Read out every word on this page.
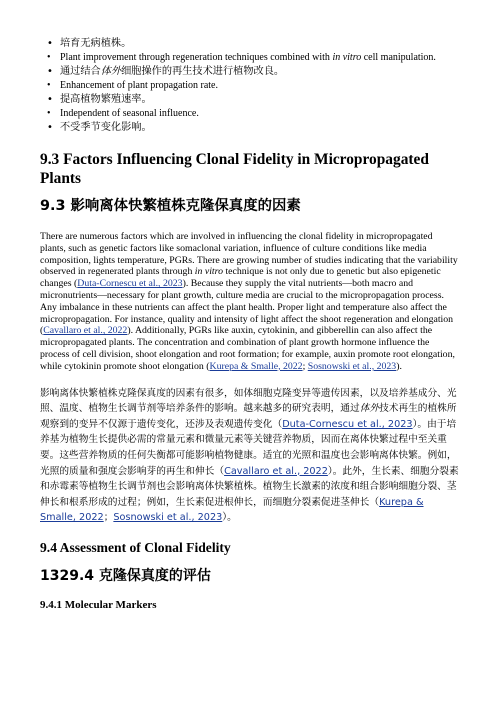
• 培育无病植株。
• Plant improvement through regeneration techniques combined with in vitro cell manipulation.
• 通过结合体外细胞操作的再生技术进行植物改良。
• Enhancement of plant propagation rate.
• 提高植物繁殖速率。
• Independent of seasonal influence.
• 不受季节变化影响。
9.3 Factors Influencing Clonal Fidelity in Micropropagated Plants
9.3 影响离体快繁植株克隆保真度的因素

There are numerous factors which are involved in influencing the clonal fidelity in micropropagated plants, such as genetic factors like somaclonal variation, influence of culture conditions like media composition, lights temperature, PGRs. There are growing number of studies indicating that the variability observed in regenerated plants through in vitro technique is not only due to genetic but also epigenetic changes (Duta-Cornescu et al., 2023). Because they supply the vital nutrients—both macro and micronutrients—necessary for plant growth, culture media are crucial to the micropropagation process. Any imbalance in these nutrients can affect the plant health. Proper light and temperature also affect the micropropagation. For instance, quality and intensity of light affect the shoot regeneration and elongation (Cavallaro et al., 2022). Additionally, PGRs like auxin, cytokinin, and gibberellin can also affect the micropropagated plants. The concentration and combination of plant growth hormone influence the process of cell division, shoot elongation and root formation; for example, auxin promote root elongation, while cytokinin promote shoot elongation (Kurepa & Smalle, 2022; Sosnowski et al., 2023).

影响离体快繁植株克隆保真度的因素有很多，如体细胞克隆变异等遗传因素，以及培养基成分、光照、温度、植物生长调节剂等培养条件的影响。越来越多的研究表明，通过体外技术再生的植株所观察到的变异不仅源于遗传变化，还涉及表观遗传变化（Duta-Cornescu et al., 2023）。由于培养基为植物生长提供必需的常量元素和微量元素等关键营养物质，因而在离体快繁过程中至关重要。这些营养物质的任何失衡都可能影响植物健康。适宜的光照和温度也会影响离体快繁。例如，光照的质量和强度会影响芽的再生和伸长（Cavallaro et al., 2022）。此外，生长素、细胞分裂素和赤霉素等植物生长调节剂也会影响离体快繁植株。植物生长激素的浓度和组合影响细胞分裂、茎伸长和根系形成的过程；例如，生长素促进根伸长，而细胞分裂素促进茎伸长（Kurepa & Smalle, 2022；Sosnowski et al., 2023）。

9.4 Assessment of Clonal Fidelity
1329.4 克隆保真度的评估
9.4.1 Molecular Markers
